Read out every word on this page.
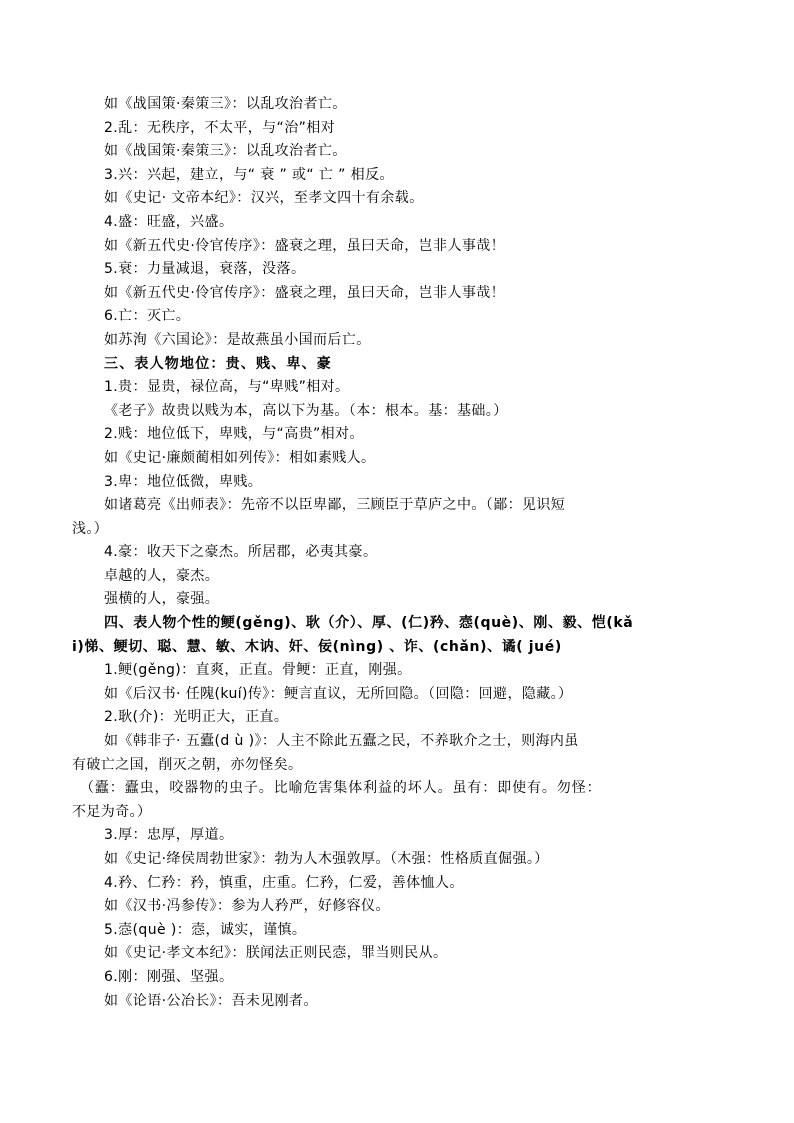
如《战国策·秦策三》：以乱攻治者亡。
2.乱：无秩序，不太平，与“治”相对
如《战国策·秦策三》：以乱攻治者亡。
3.兴：兴起，建立，与“ 衰 ” 或“ 亡 ” 相反。
如《史记· 文帝本纪》：汉兴，至孝文四十有余载。
4.盛：旺盛，兴盛。
如《新五代史·伶官传序》：盛衰之理，虽曰天命，岂非人事哉！
5.衰：力量减退，衰落，没落。
如《新五代史·伶官传序》：盛衰之理，虽曰天命，岂非人事哉！
6.亡：灭亡。
如苏洵《六国论》：是故燕虽小国而后亡。
三、表人物地位：贵、贱、卑、豪
1.贵：显贵，禄位高，与“卑贱”相对。
《老子》故贵以贱为本，高以下为基。（本：根本。基：基础。）
2.贱：地位低下，卑贱，与“高贵”相对。
如《史记·廉颇蔺相如列传》：相如素贱人。
3.卑：地位低微，卑贱。
如诸葛亮《出师表》：先帝不以臣卑鄙，三顾臣于草庐之中。（鄙：见识短
浅。）
4.豪：收天下之豪杰。所居郡，必夷其豪。
卓越的人，豪杰。
强横的人，豪强。
四、表人物个性的鲠(gěng)、耿（介）、厚、(仁)矜、悫(què)、刚、毅、恺(kǎ
i)悌、鲠切、聪、慧、敏、木讷、奸、佞(nìng) 、诈、(chǎn)、谲( jué)
1.鲠(gěng)：直爽，正直。骨鲠：正直，刚强。
如《后汉书· 任隗(kuí)传》：鲠言直议，无所回隐。（回隐：回避，隐藏。）
2.耿(介)：光明正大，正直。
如《韩非子· 五蠹(d ù )》：人主不除此五蠹之民，不养耿介之士，则海内虽
有破亡之国，削灭之朝，亦勿怪矣。
（蠹：蠹虫，咬器物的虫子。比喻危害集体利益的坏人。虽有：即使有。勿怪：
不足为奇。）
3.厚：忠厚，厚道。
如《史记·绛侯周勃世家》：勃为人木强敦厚。（木强：性格质直倔强。）
4.矜、仁矜：矜，慎重，庄重。仁矜，仁爱，善体恤人。
如《汉书·冯参传》：参为人矜严，好修容仪。
5.悫(què )：悫，诚实，谨慎。
如《史记·孝文本纪》：朕闻法正则民悫，罪当则民从。
6.刚：刚强、坚强。
如《论语·公冶长》：吾未见刚者。
